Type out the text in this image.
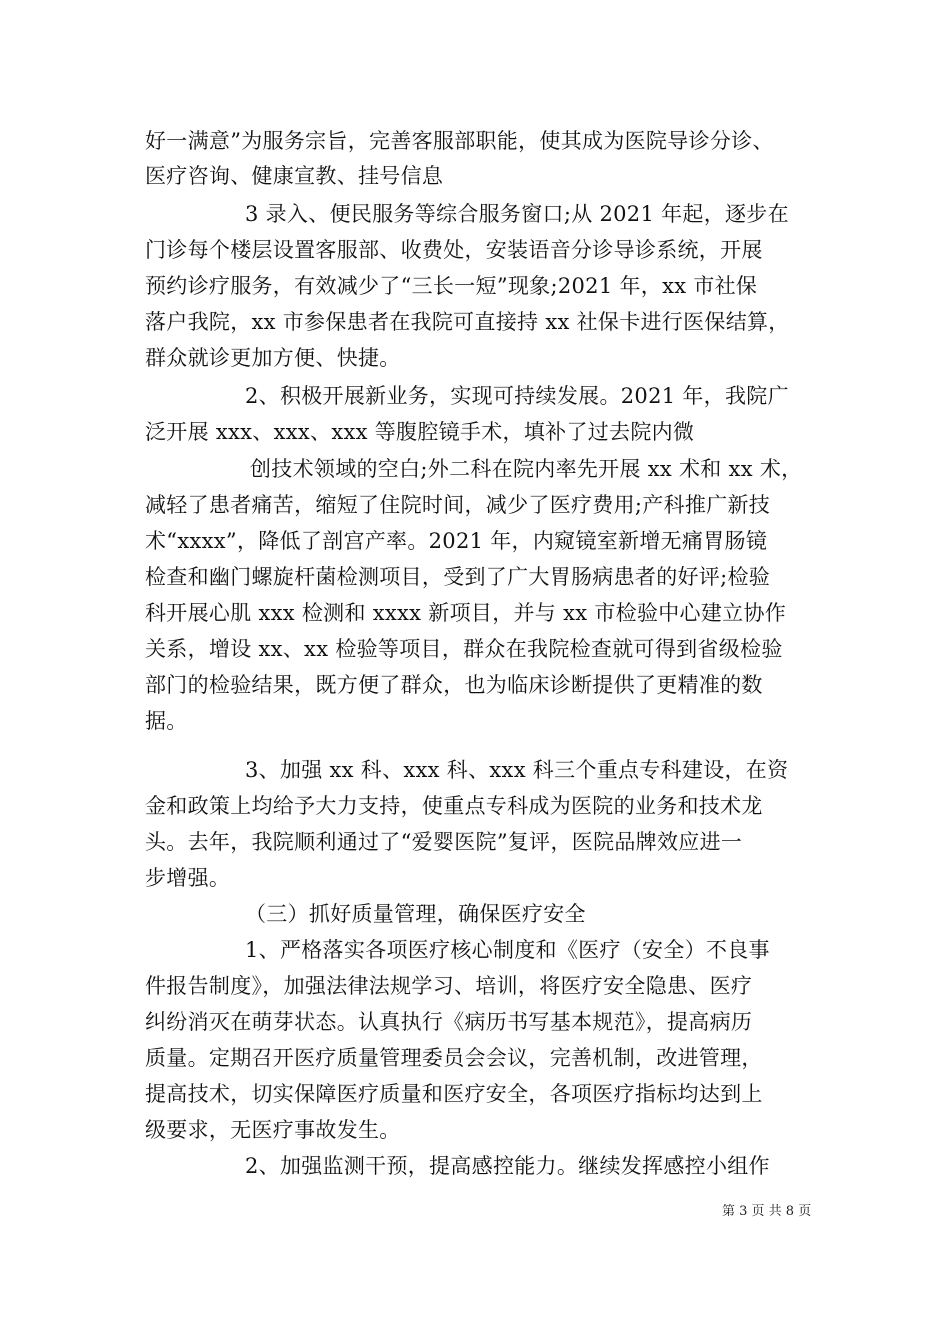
好一满意”为服务宗旨，完善客服部职能，使其成为医院导诊分诊、
医疗咨询、健康宣教、挂号信息
3 录入、便民服务等综合服务窗口;从 2021 年起，逐步在
门诊每个楼层设置客服部、收费处，安装语音分诊导诊系统，开展
预约诊疗服务，有效减少了“三长一短”现象;2021 年，xx 市社保
落户我院，xx 市参保患者在我院可直接持 xx 社保卡进行医保结算，
群众就诊更加方便、快捷。
2、积极开展新业务，实现可持续发展。2021 年，我院广
泛开展 xxx、xxx、xxx 等腹腔镜手术，填补了过去院内微
创技术领域的空白;外二科在院内率先开展 xx 术和 xx 术，
减轻了患者痛苦，缩短了住院时间，减少了医疗费用;产科推广新技
术“xxxx”，降低了剖宫产率。2021 年，内窥镜室新增无痛胃肠镜
检查和幽门螺旋杆菌检测项目，受到了广大胃肠病患者的好评;检验
科开展心肌 xxx 检测和 xxxx 新项目，并与 xx 市检验中心建立协作
关系，增设 xx、xx 检验等项目，群众在我院检查就可得到省级检验
部门的检验结果，既方便了群众，也为临床诊断提供了更精准的数
据。
3、加强 xx 科、xxx 科、xxx 科三个重点专科建设，在资
金和政策上均给予大力支持，使重点专科成为医院的业务和技术龙
头。去年，我院顺利通过了“爱婴医院”复评，医院品牌效应进一
步增强。
（三）抓好质量管理，确保医疗安全
1、严格落实各项医疗核心制度和《医疗（安全）不良事
件报告制度》，加强法律法规学习、培训，将医疗安全隐患、医疗
纠纷消灭在萌芽状态。认真执行《病历书写基本规范》，提高病历
质量。定期召开医疗质量管理委员会会议，完善机制，改进管理，
提高技术，切实保障医疗质量和医疗安全，各项医疗指标均达到上
级要求，无医疗事故发生。
2、加强监测干预，提高感控能力。继续发挥感控小组作
第 3 页 共 8 页
